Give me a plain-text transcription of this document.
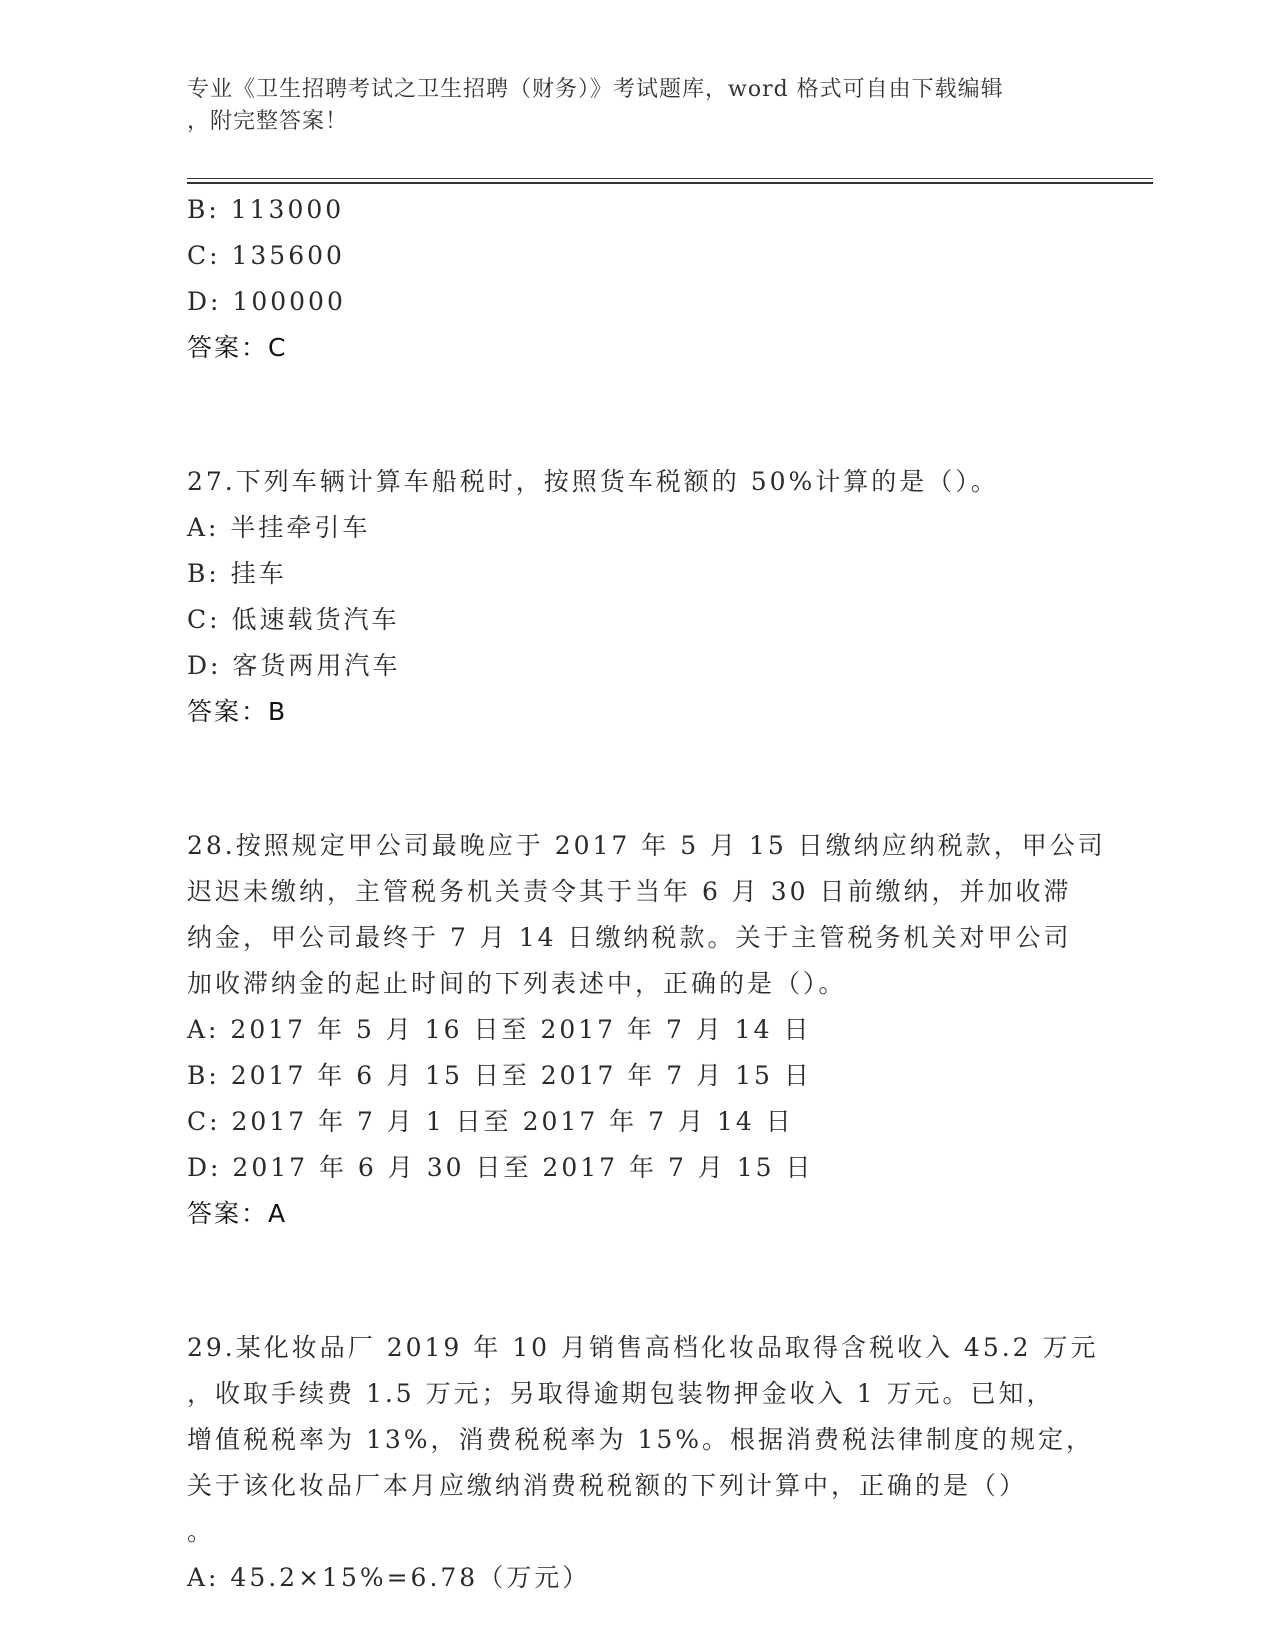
专业《卫生招聘考试之卫生招聘（财务）》考试题库，word 格式可自由下载编辑

，附完整答案！

B: 113000

C: 135600

D: 100000

答案：C

27.下列车辆计算车船税时，按照货车税额的 50%计算的是（）。

A: 半挂牵引车

B: 挂车

C: 低速载货汽车

D: 客货两用汽车

答案：B

28.按照规定甲公司最晚应于 2017 年 5 月 15 日缴纳应纳税款，甲公司

迟迟未缴纳，主管税务机关责令其于当年 6 月 30 日前缴纳，并加收滞

纳金，甲公司最终于 7 月 14 日缴纳税款。关于主管税务机关对甲公司

加收滞纳金的起止时间的下列表述中，正确的是（）。

A: 2017 年 5 月 16 日至 2017 年 7 月 14 日

B: 2017 年 6 月 15 日至 2017 年 7 月 15 日

C: 2017 年 7 月 1 日至 2017 年 7 月 14 日

D: 2017 年 6 月 30 日至 2017 年 7 月 15 日

答案：A

29.某化妆品厂 2019 年 10 月销售高档化妆品取得含税收入 45.2 万元

，收取手续费 1.5 万元；另取得逾期包装物押金收入 1 万元。已知，

增值税税率为 13%，消费税税率为 15%。根据消费税法律制度的规定，

关于该化妆品厂本月应缴纳消费税税额的下列计算中，正确的是（）

。

A: 45.2×15%=6.78（万元）
